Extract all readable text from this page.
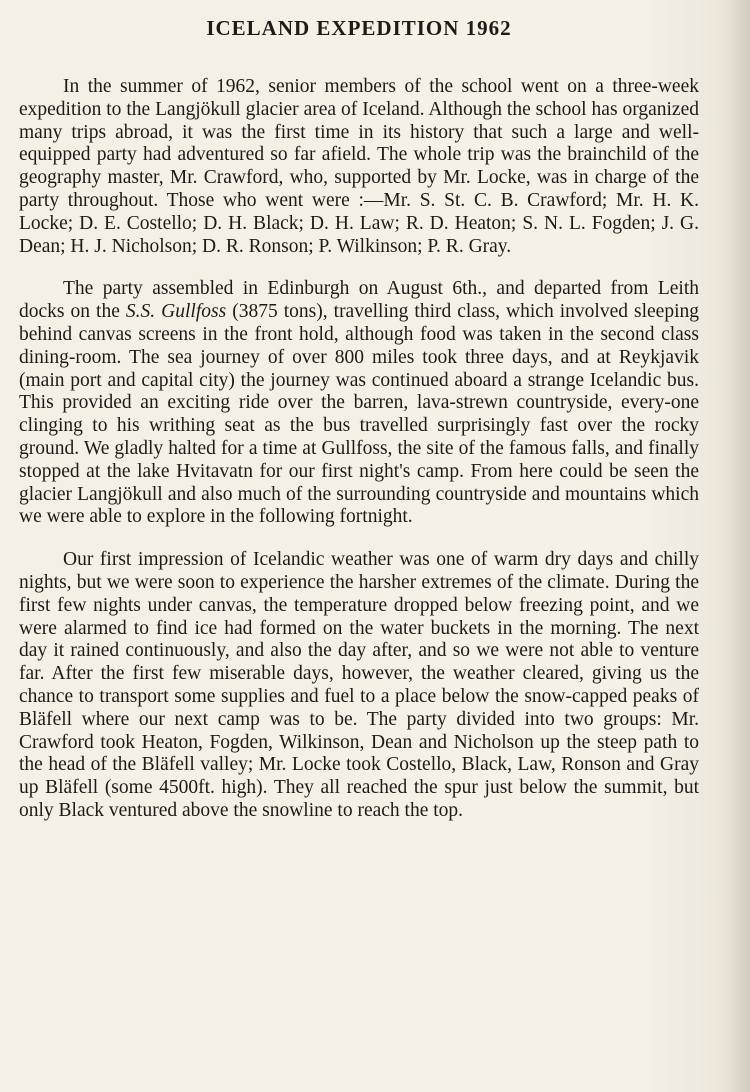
ICELAND EXPEDITION 1962

In the summer of 1962, senior members of the school went on a three-week expedition to the Langjökull glacier area of Iceland. Although the school has organized many trips abroad, it was the first time in its history that such a large and well-equipped party had adventured so far afield. The whole trip was the brainchild of the geography master, Mr. Crawford, who, supported by Mr. Locke, was in charge of the party throughout. Those who went were :—Mr. S. St. C. B. Crawford; Mr. H. K. Locke; D. E. Costello; D. H. Black; D. H. Law; R. D. Heaton; S. N. L. Fogden; J. G. Dean; H. J. Nicholson; D. R. Ronson; P. Wilkinson; P. R. Gray.

The party assembled in Edinburgh on August 6th., and departed from Leith docks on the S.S. Gullfoss (3875 tons), travelling third class, which involved sleeping behind canvas screens in the front hold, although food was taken in the second class dining-room. The sea journey of over 800 miles took three days, and at Reykjavik (main port and capital city) the journey was continued aboard a strange Icelandic bus. This provided an exciting ride over the barren, lava-strewn countryside, every-one clinging to his writhing seat as the bus travelled surprisingly fast over the rocky ground. We gladly halted for a time at Gullfoss, the site of the famous falls, and finally stopped at the lake Hvitavatn for our first night's camp. From here could be seen the glacier Langjökull and also much of the surrounding countryside and mountains which we were able to explore in the following fortnight.

Our first impression of Icelandic weather was one of warm dry days and chilly nights, but we were soon to experience the harsher extremes of the climate. During the first few nights under canvas, the temperature dropped below freezing point, and we were alarmed to find ice had formed on the water buckets in the morning. The next day it rained continuously, and also the day after, and so we were not able to venture far. After the first few miserable days, however, the weather cleared, giving us the chance to transport some supplies and fuel to a place below the snow-capped peaks of Bläfell where our next camp was to be. The party divided into two groups: Mr. Crawford took Heaton, Fogden, Wilkinson, Dean and Nicholson up the steep path to the head of the Bläfell valley; Mr. Locke took Costello, Black, Law, Ronson and Gray up Bläfell (some 4500ft. high). They all reached the spur just below the summit, but only Black ventured above the snowline to reach the top.
